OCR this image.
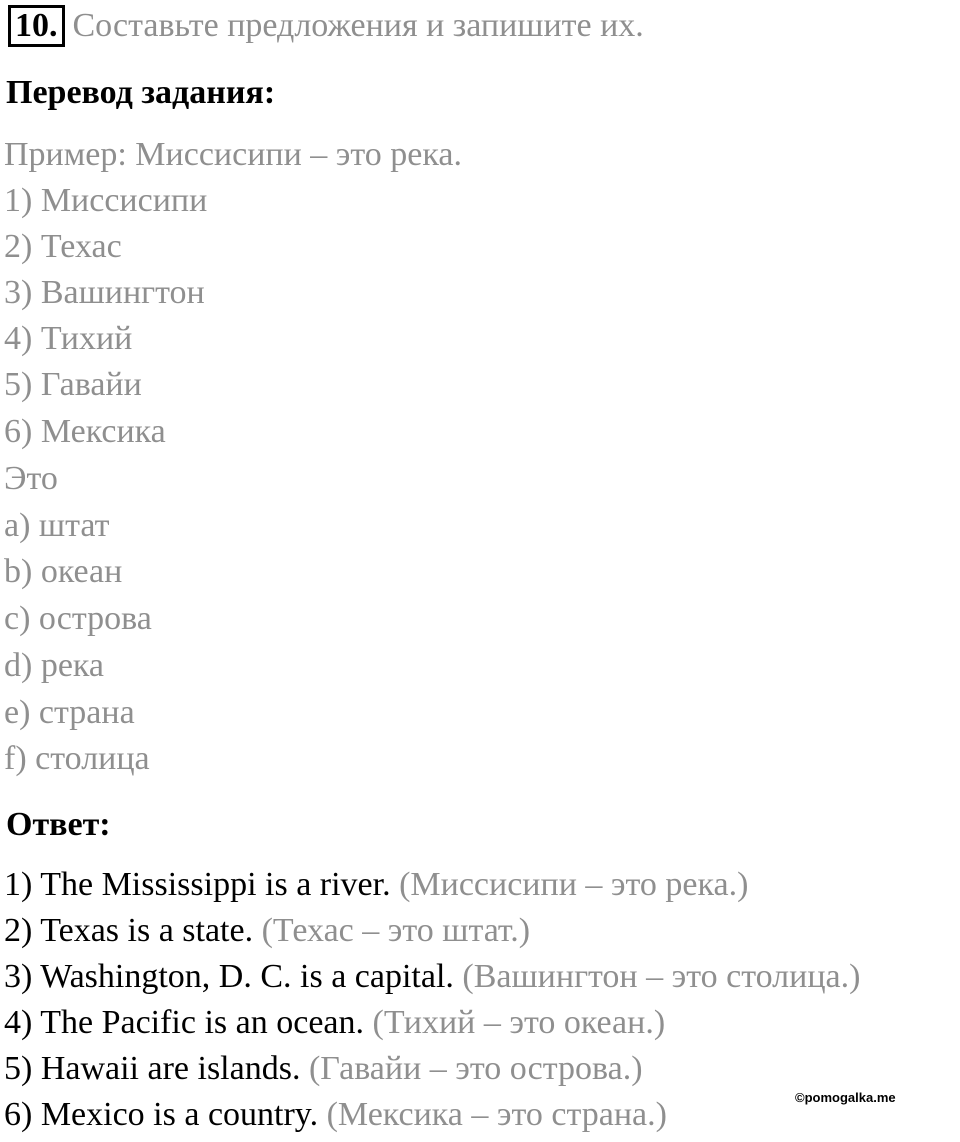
10. Составьте предложения и запишите их.
Перевод задания:
Пример: Миссисипи – это река.
1) Миссисипи
2) Техас
3) Вашингтон
4) Тихий
5) Гавайи
6) Мексика
Это
a) штат
b) океан
c) острова
d) река
e) страна
f) столица
Ответ:
1) The Mississippi is a river. (Миссисипи – это река.)
2) Texas is a state. (Техас – это штат.)
3) Washington, D. C. is a capital. (Вашингтон – это столица.)
4) The Pacific is an ocean. (Тихий – это океан.)
5) Hawaii are islands. (Гавайи – это острова.)
6) Mexico is a country. (Мексика – это страна.)	©pomogalka.me
